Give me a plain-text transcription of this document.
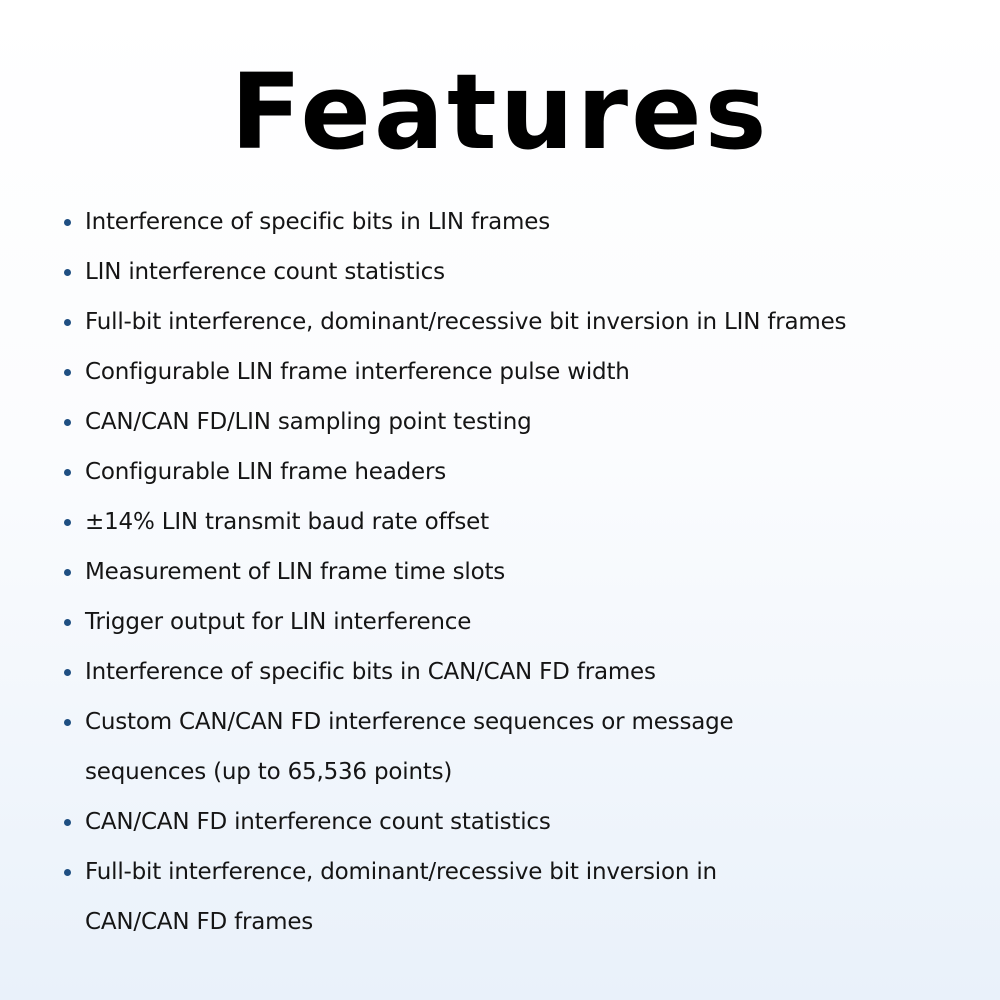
Features
Interference of specific bits in LIN frames
LIN interference count statistics
Full-bit interference, dominant/recessive bit inversion in LIN frames
Configurable LIN frame interference pulse width
CAN/CAN FD/LIN sampling point testing
Configurable LIN frame headers
±14% LIN transmit baud rate offset
Measurement of LIN frame time slots
Trigger output for LIN interference
Interference of specific bits in CAN/CAN FD frames
Custom CAN/CAN FD interference sequences or message
sequences (up to 65,536 points)
CAN/CAN FD interference count statistics
Full-bit interference, dominant/recessive bit inversion in
CAN/CAN FD frames
